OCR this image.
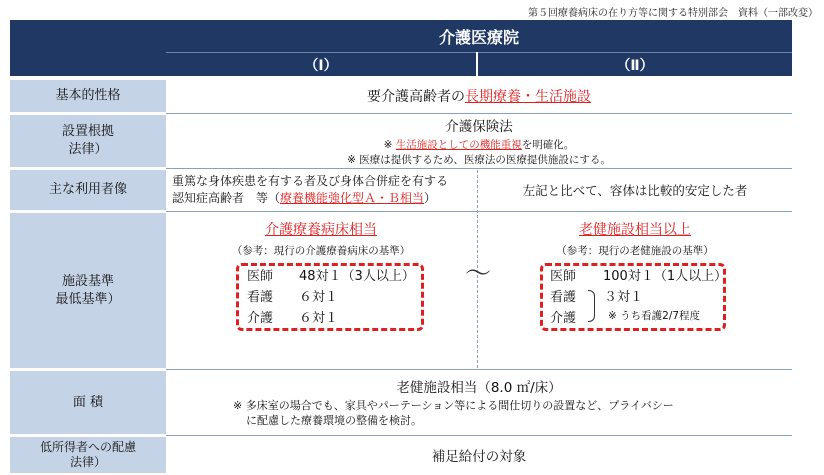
第５回療養病床の在り方等に関する特別部会　資料（一部改変）
介護医療院
（Ⅰ）	（Ⅱ）
基本的性格
設置根拠
法律）
主な利用者像
施設基準
最低基準）
面 積
低所得者への配慮
法律）
要介護高齢者の長期療養・生活施設
介護保険法
※ 生活施設としての機能重視を明確化。
※ 医療は提供するため、医療法の医療提供施設にする。
重篤な身体疾患を有する者及び身体合併症を有する
認知症高齢者　等（療養機能強化型Ａ・Ｂ相当）	左記と比べて、容体は比較的安定した者
介護療養病床相当
（参考：現行の介護療養病床の基準）
医師
看護
介護
48対１（3人以上）
６対１
６対１
～
老健施設相当以上
（参考：現行の老健施設の基準）
医師
看護
介護
100対１（1人以上）
３対１
※ うち看護2/7程度
老健施設相当（8.0 ㎡/床）
※ 多床室の場合でも、家具やパーテーション等による間仕切りの設置など、プライバシー
に配慮した療養環境の整備を検討。
補足給付の対象
